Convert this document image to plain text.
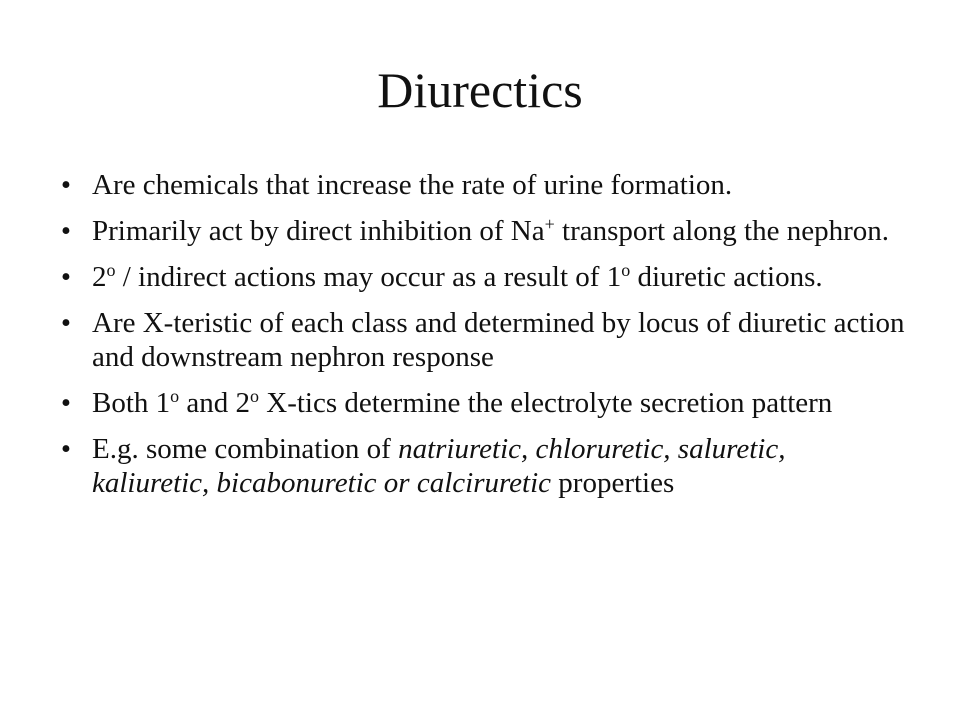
Diurectics
• Are chemicals that increase the rate of urine formation.
• Primarily act by direct inhibition of Na+ transport along the nephron.
• 2$^o$ / indirect actions may occur as a result of 1$^o$ diuretic actions.
• Are X-teristic of each class and determined by locus of diuretic action and downstream nephron response
• Both 1$^o$ and 2$^o$ X-tics determine the electrolyte secretion pattern
• E.g. some combination of natriuretic, chloruretic, saluretic, kaliuretic, bicabonuretic or calciruretic properties
